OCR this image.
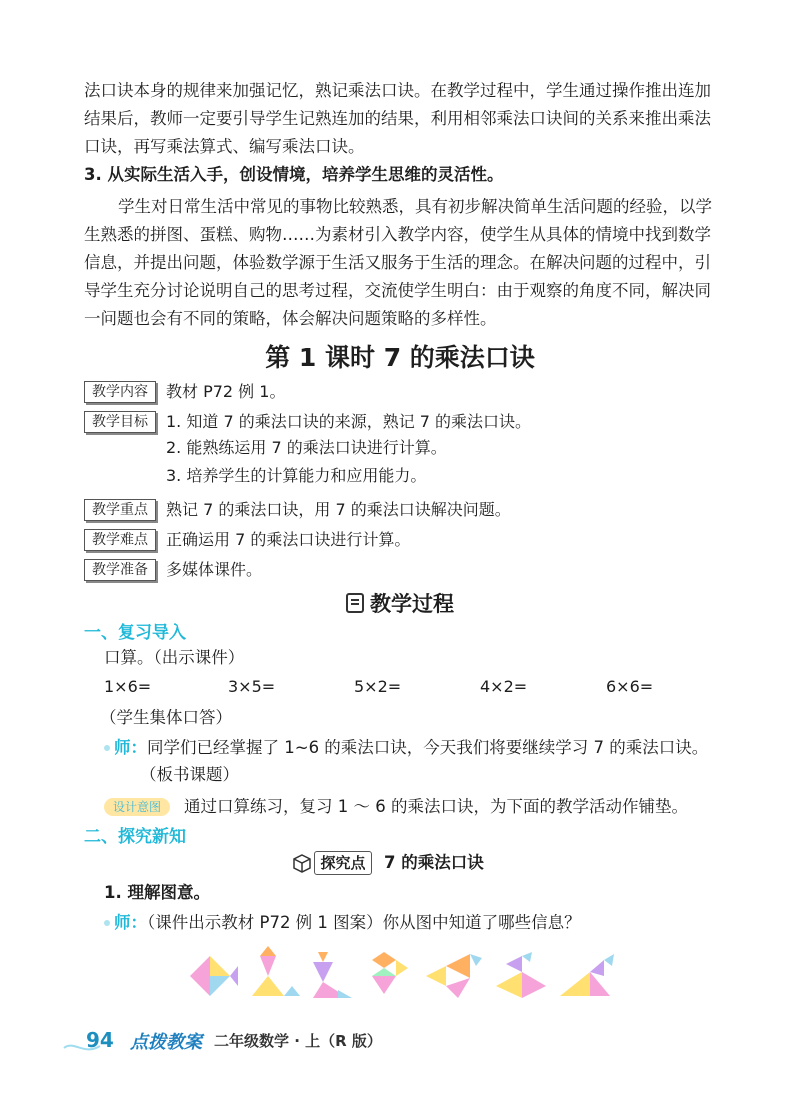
法口诀本身的规律来加强记忆，熟记乘法口诀。在教学过程中，学生通过操作推出连加
结果后，教师一定要引导学生记熟连加的结果，利用相邻乘法口诀间的关系来推出乘法
口诀，再写乘法算式、编写乘法口诀。
3. 从实际生活入手，创设情境，培养学生思维的灵活性。
学生对日常生活中常见的事物比较熟悉，具有初步解决简单生活问题的经验，以学
生熟悉的拼图、蛋糕、购物……为素材引入教学内容，使学生从具体的情境中找到数学
信息，并提出问题，体验数学源于生活又服务于生活的理念。在解决问题的过程中，引
导学生充分讨论说明自己的思考过程，交流使学生明白：由于观察的角度不同，解决同
一问题也会有不同的策略，体会解决问题策略的多样性。
第 1 课时 7 的乘法口诀
教学内容	教材 P72 例 1。
教学目标	1. 知道 7 的乘法口诀的来源，熟记 7 的乘法口诀。
2. 能熟练运用 7 的乘法口诀进行计算。
3. 培养学生的计算能力和应用能力。
教学重点	熟记 7 的乘法口诀，用 7 的乘法口诀解决问题。
教学难点	正确运用 7 的乘法口诀进行计算。
教学准备	多媒体课件。
教学过程
一、复习导入
口算。（出示课件）
1×6=	3×5=	5×2=	4×2=	6×6=
（学生集体口答）
师：同学们已经掌握了 1~6 的乘法口诀，今天我们将要继续学习 7 的乘法口诀。
（板书课题）
设计意图	通过口算练习，复习 1 ～ 6 的乘法口诀，为下面的教学活动作铺垫。
二、探究新知
探究点	7 的乘法口诀
1. 理解图意。
师：（课件出示教材 P72 例 1 图案）你从图中知道了哪些信息？
94 点拨教案 二年级数学 · 上（R 版）
